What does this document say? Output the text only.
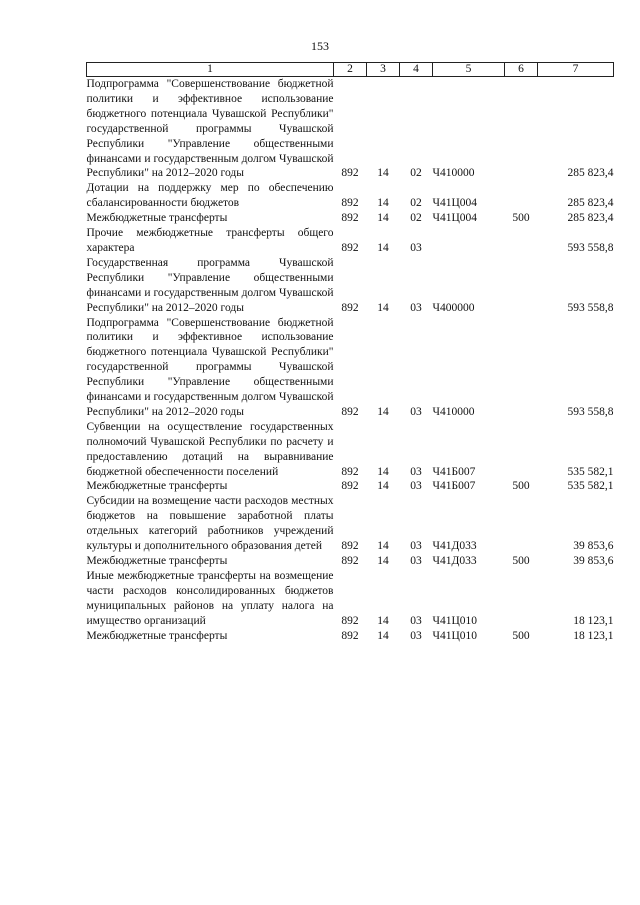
153
1	2	3	4	5	6	7
Подпрограмма "Совершенствование бюджетной политики и эффективное использование бюджетного потенциала Чувашской Республики" государственной программы Чувашской Республики "Управление общественными финансами и государственным долгом Чувашской Республики" на 2012–2020 годы	892	14	02	Ч410000		285 823,4
Дотации на поддержку мер по обеспечению сбалансированности бюджетов	892	14	02	Ч41Ц004		285 823,4
Межбюджетные трансферты	892	14	02	Ч41Ц004	500	285 823,4
Прочие межбюджетные трансферты общего характера	892	14	03			593 558,8
Государственная программа Чувашской Республики "Управление общественными финансами и государственным долгом Чувашской Республики" на 2012–2020 годы	892	14	03	Ч400000		593 558,8
Подпрограмма "Совершенствование бюджетной политики и эффективное использование бюджетного потенциала Чувашской Республики" государственной программы Чувашской Республики "Управление общественными финансами и государственным долгом Чувашской Республики" на 2012–2020 годы	892	14	03	Ч410000		593 558,8
Субвенции на осуществление государственных полномочий Чувашской Республики по расчету и предоставлению дотаций на выравнивание бюджетной обеспеченности поселений	892	14	03	Ч41Б007		535 582,1
Межбюджетные трансферты	892	14	03	Ч41Б007	500	535 582,1
Субсидии на возмещение части расходов местных бюджетов на повышение заработной платы отдельных категорий работников учреждений культуры и дополнительного образования детей	892	14	03	Ч41Д033		39 853,6
Межбюджетные трансферты	892	14	03	Ч41Д033	500	39 853,6
Иные межбюджетные трансферты на возмещение части расходов консолидированных бюджетов муниципальных районов на уплату налога на имущество организаций	892	14	03	Ч41Ц010		18 123,1
Межбюджетные трансферты	892	14	03	Ч41Ц010	500	18 123,1
